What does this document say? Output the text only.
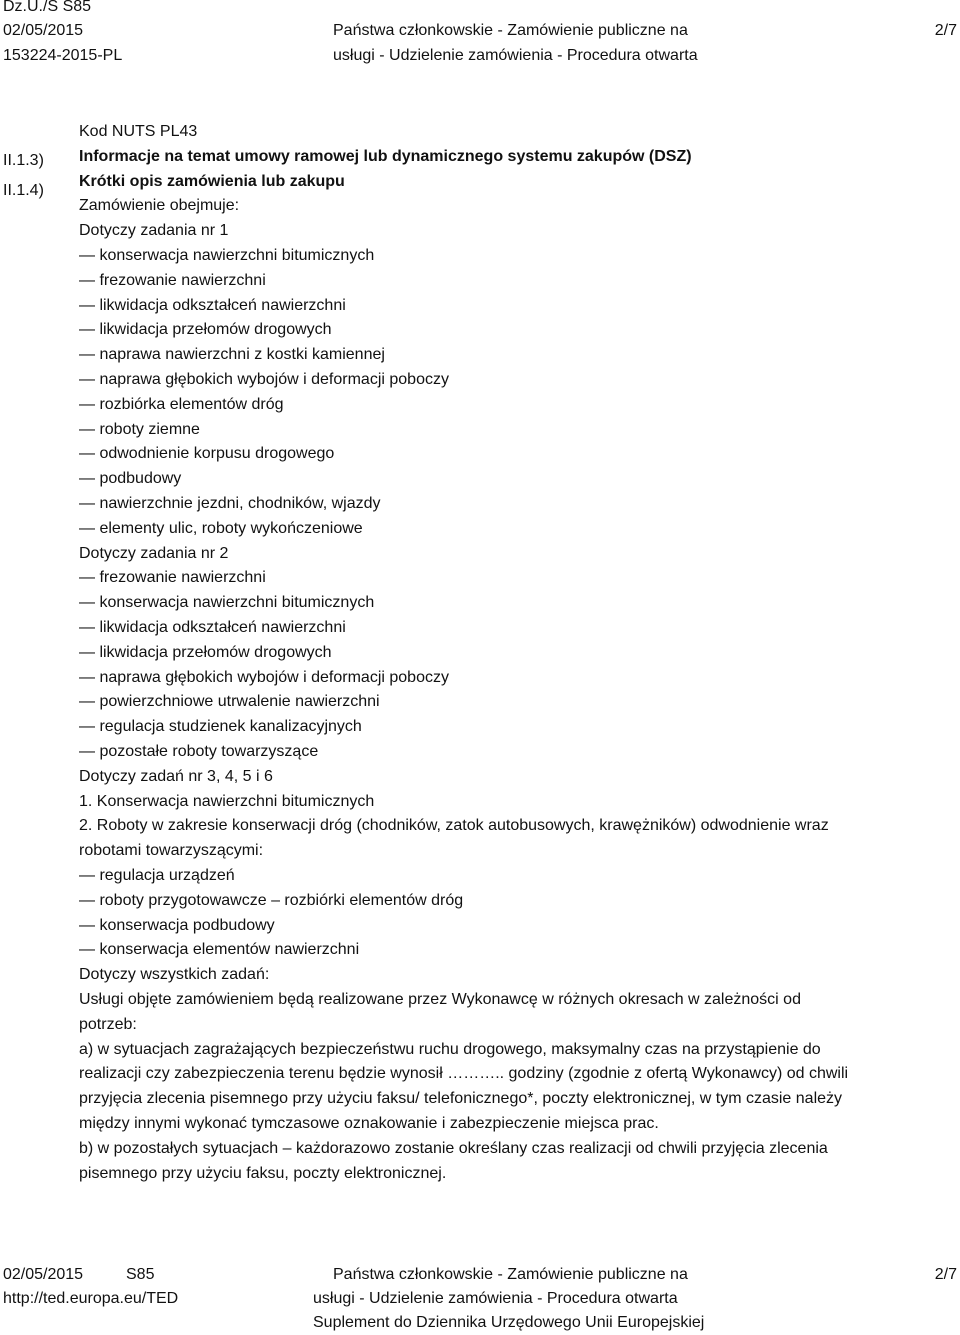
Dz.U./S S85
02/05/2015
153224-2015-PL
Państwa członkowskie - Zamówienie publiczne na
usługi - Udzielenie zamówienia - Procedura otwarta
2/7
II.1.3)
II.1.4)
Kod NUTS PL43
Informacje na temat umowy ramowej lub dynamicznego systemu zakupów (DSZ)
Krótki opis zamówienia lub zakupu
Zamówienie obejmuje:
Dotyczy zadania nr 1
— konserwacja nawierzchni bitumicznych
— frezowanie nawierzchni
— likwidacja odkształceń nawierzchni
— likwidacja przełomów drogowych
— naprawa nawierzchni z kostki kamiennej
— naprawa głębokich wybojów i deformacji poboczy
— rozbiórka elementów dróg
— roboty ziemne
— odwodnienie korpusu drogowego
— podbudowy
— nawierzchnie jezdni, chodników, wjazdy
— elementy ulic, roboty wykończeniowe
Dotyczy zadania nr 2
— frezowanie nawierzchni
— konserwacja nawierzchni bitumicznych
— likwidacja odkształceń nawierzchni
— likwidacja przełomów drogowych
— naprawa głębokich wybojów i deformacji poboczy
— powierzchniowe utrwalenie nawierzchni
— regulacja studzienek kanalizacyjnych
— pozostałe roboty towarzyszące
Dotyczy zadań nr 3, 4, 5 i 6
1. Konserwacja nawierzchni bitumicznych
2. Roboty w zakresie konserwacji dróg (chodników, zatok autobusowych, krawężników) odwodnienie wraz
robotami towarzyszącymi:
— regulacja urządzeń
— roboty przygotowawcze – rozbiórki elementów dróg
— konserwacja podbudowy
— konserwacja elementów nawierzchni
Dotyczy wszystkich zadań:
Usługi objęte zamówieniem będą realizowane przez Wykonawcę w różnych okresach w zależności od
potrzeb:
a) w sytuacjach zagrażających bezpieczeństwu ruchu drogowego, maksymalny czas na przystąpienie do
realizacji czy zabezpieczenia terenu będzie wynosił ……….. godziny (zgodnie z ofertą Wykonawcy) od chwili
przyjęcia zlecenia pisemnego przy użyciu faksu/ telefonicznego*, poczty elektronicznej, w tym czasie należy
między innymi wykonać tymczasowe oznakowanie i zabezpieczenie miejsca prac.
b) w pozostałych sytuacjach – każdorazowo zostanie określany czas realizacji od chwili przyjęcia zlecenia
pisemnego przy użyciu faksu, poczty elektronicznej.
02/05/2015	S85
http://ted.europa.eu/TED
Państwa członkowskie - Zamówienie publiczne na
usługi - Udzielenie zamówienia - Procedura otwarta
Suplement do Dziennika Urzędowego Unii Europejskiej
2/7
